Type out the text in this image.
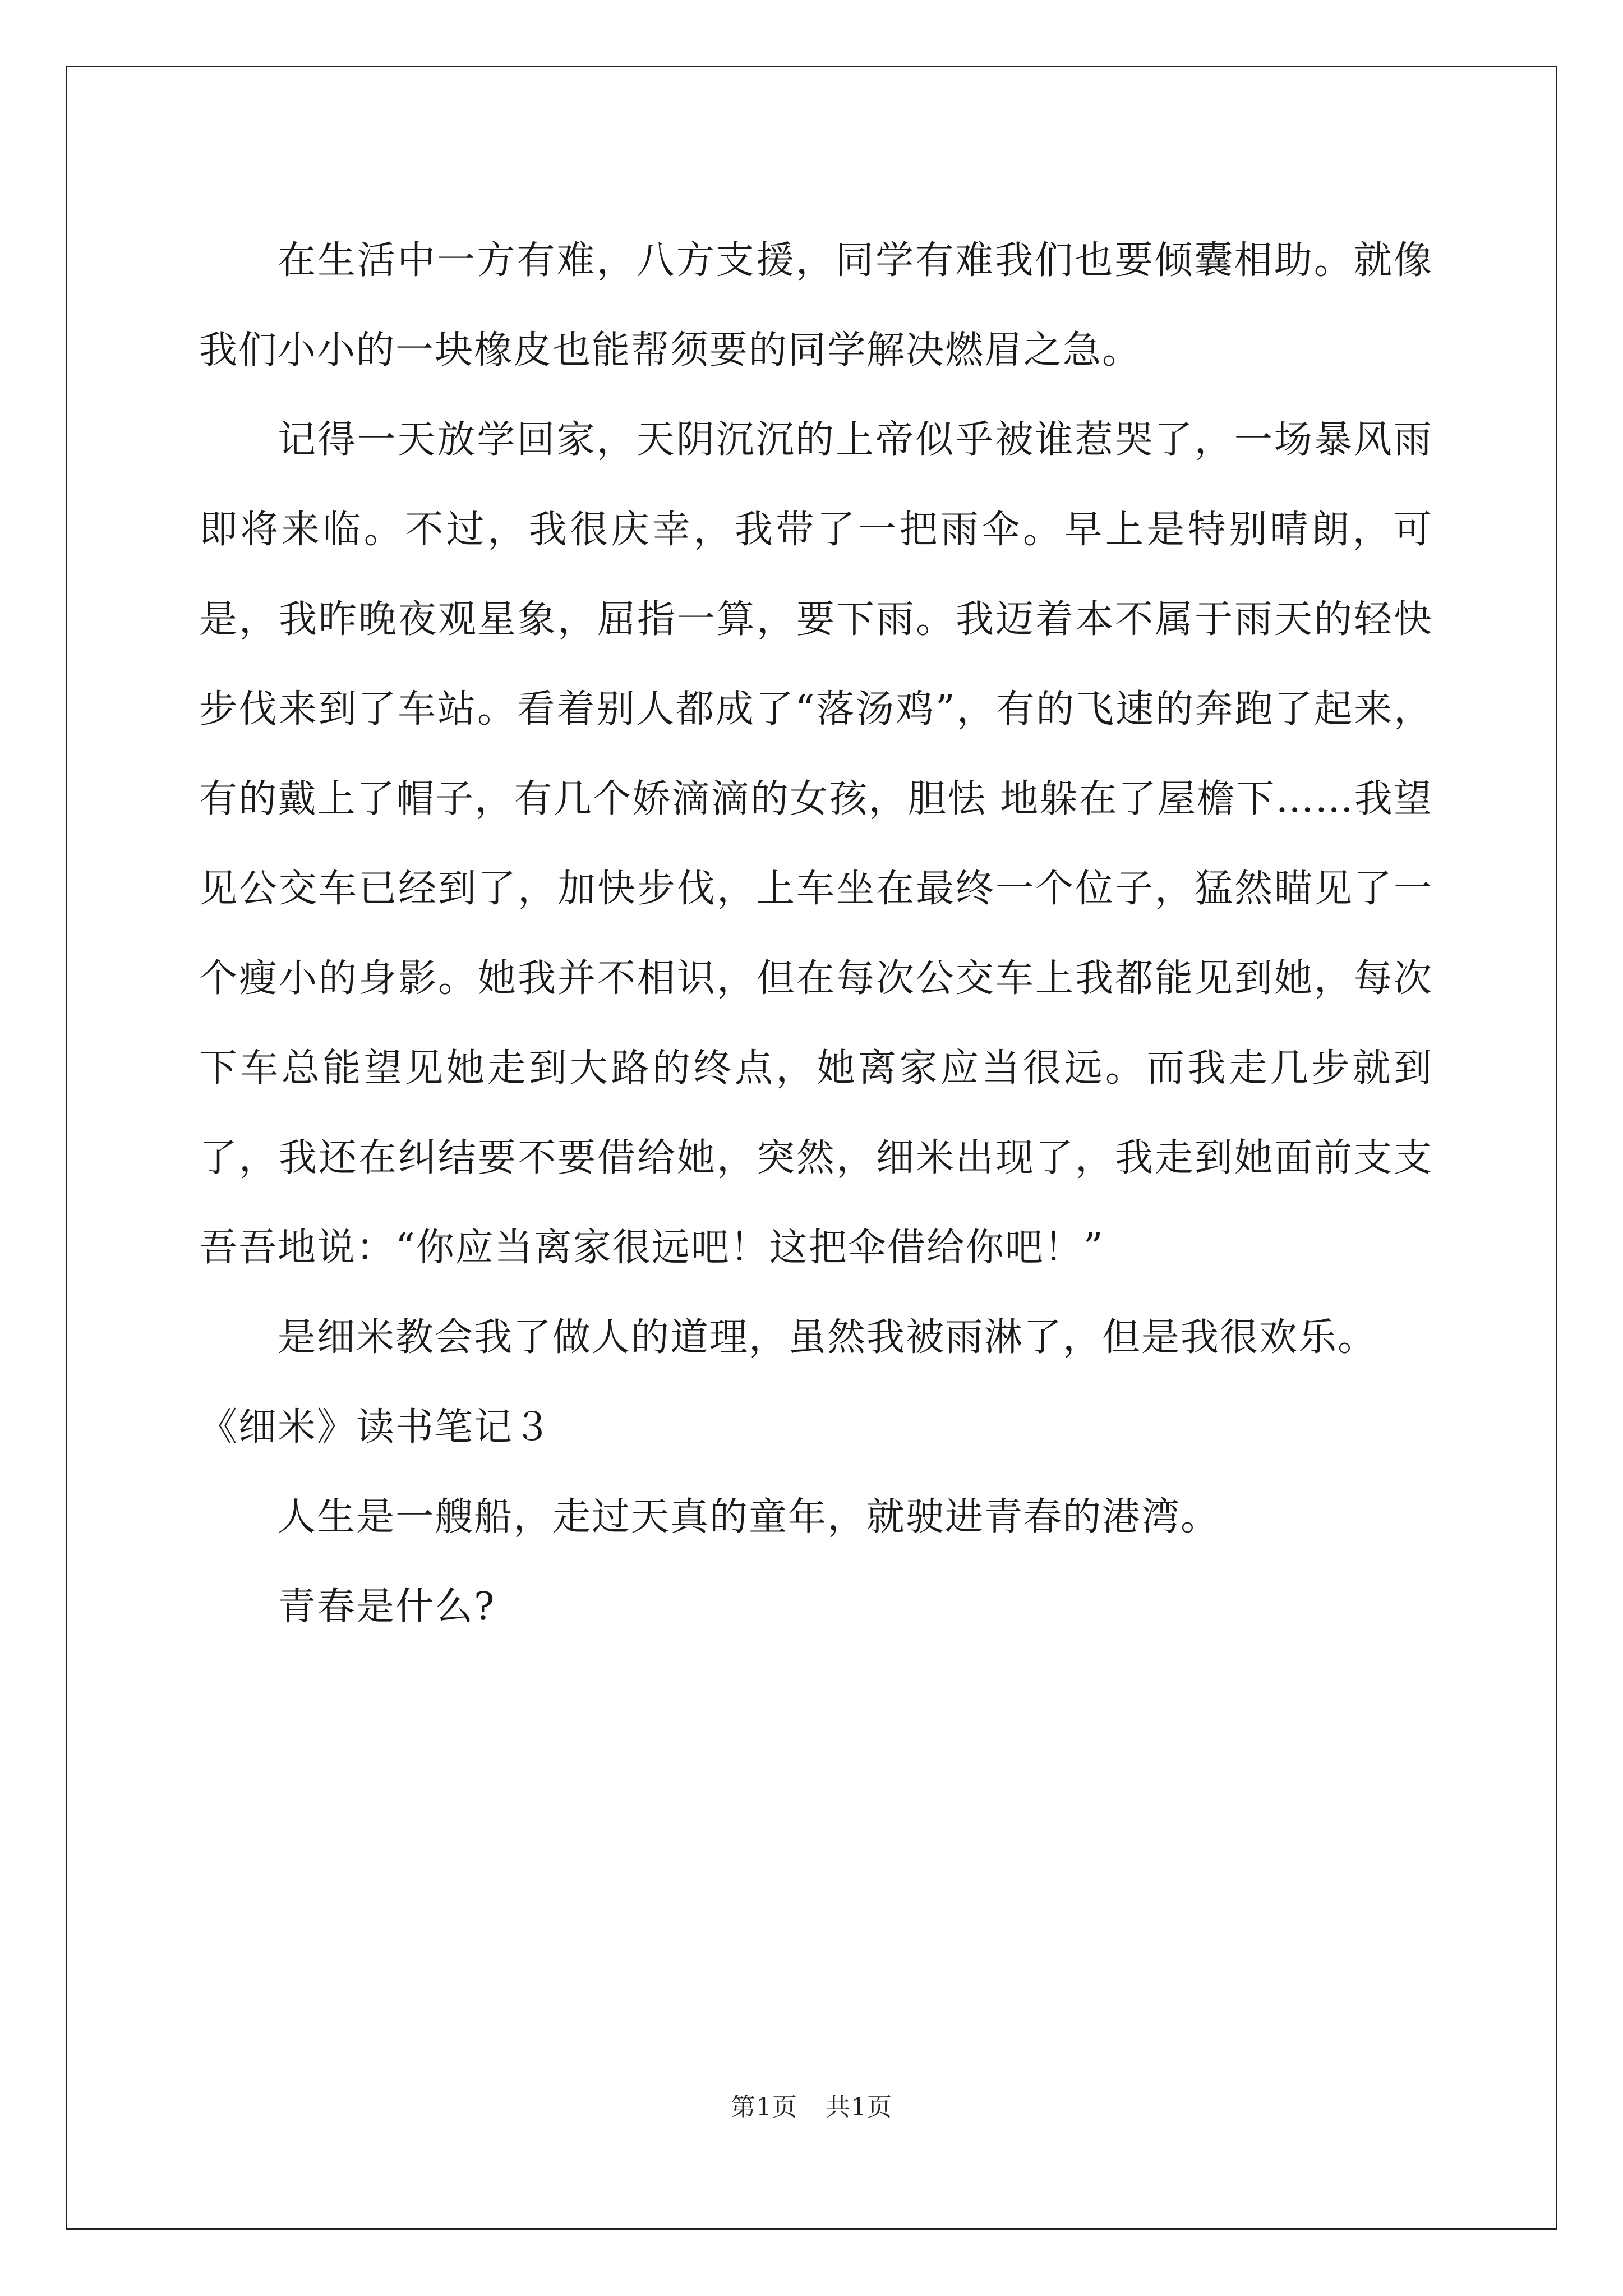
在生活中一方有难，八方支援，同学有难我们也要倾囊相助。就像我们小小的一块橡皮也能帮须要的同学解决燃眉之急。

记得一天放学回家，天阴沉沉的上帝似乎被谁惹哭了，一场暴风雨即将来临。不过，我很庆幸，我带了一把雨伞。早上是特别晴朗，可是，我昨晚夜观星象，屈指一算，要下雨。我迈着本不属于雨天的轻快步伐来到了车站。看着别人都成了“落汤鸡”，有的飞速的奔跑了起来，有的戴上了帽子，有几个娇滴滴的女孩，胆怯 地躲在了屋檐下……我望见公交车已经到了，加快步伐，上车坐在最终一个位子，猛然瞄见了一个瘦小的身影。她我并不相识，但在每次公交车上我都能见到她，每次下车总能望见她走到大路的终点，她离家应当很远。而我走几步就到了，我还在纠结要不要借给她，突然，细米出现了，我走到她面前支支吾吾地说：“你应当离家很远吧！这把伞借给你吧！”

是细米教会我了做人的道理，虽然我被雨淋了，但是我很欢乐。

《细米》读书笔记３

人生是一艘船，走过天真的童年，就驶进青春的港湾。

青春是什么?

第1页 共1页
